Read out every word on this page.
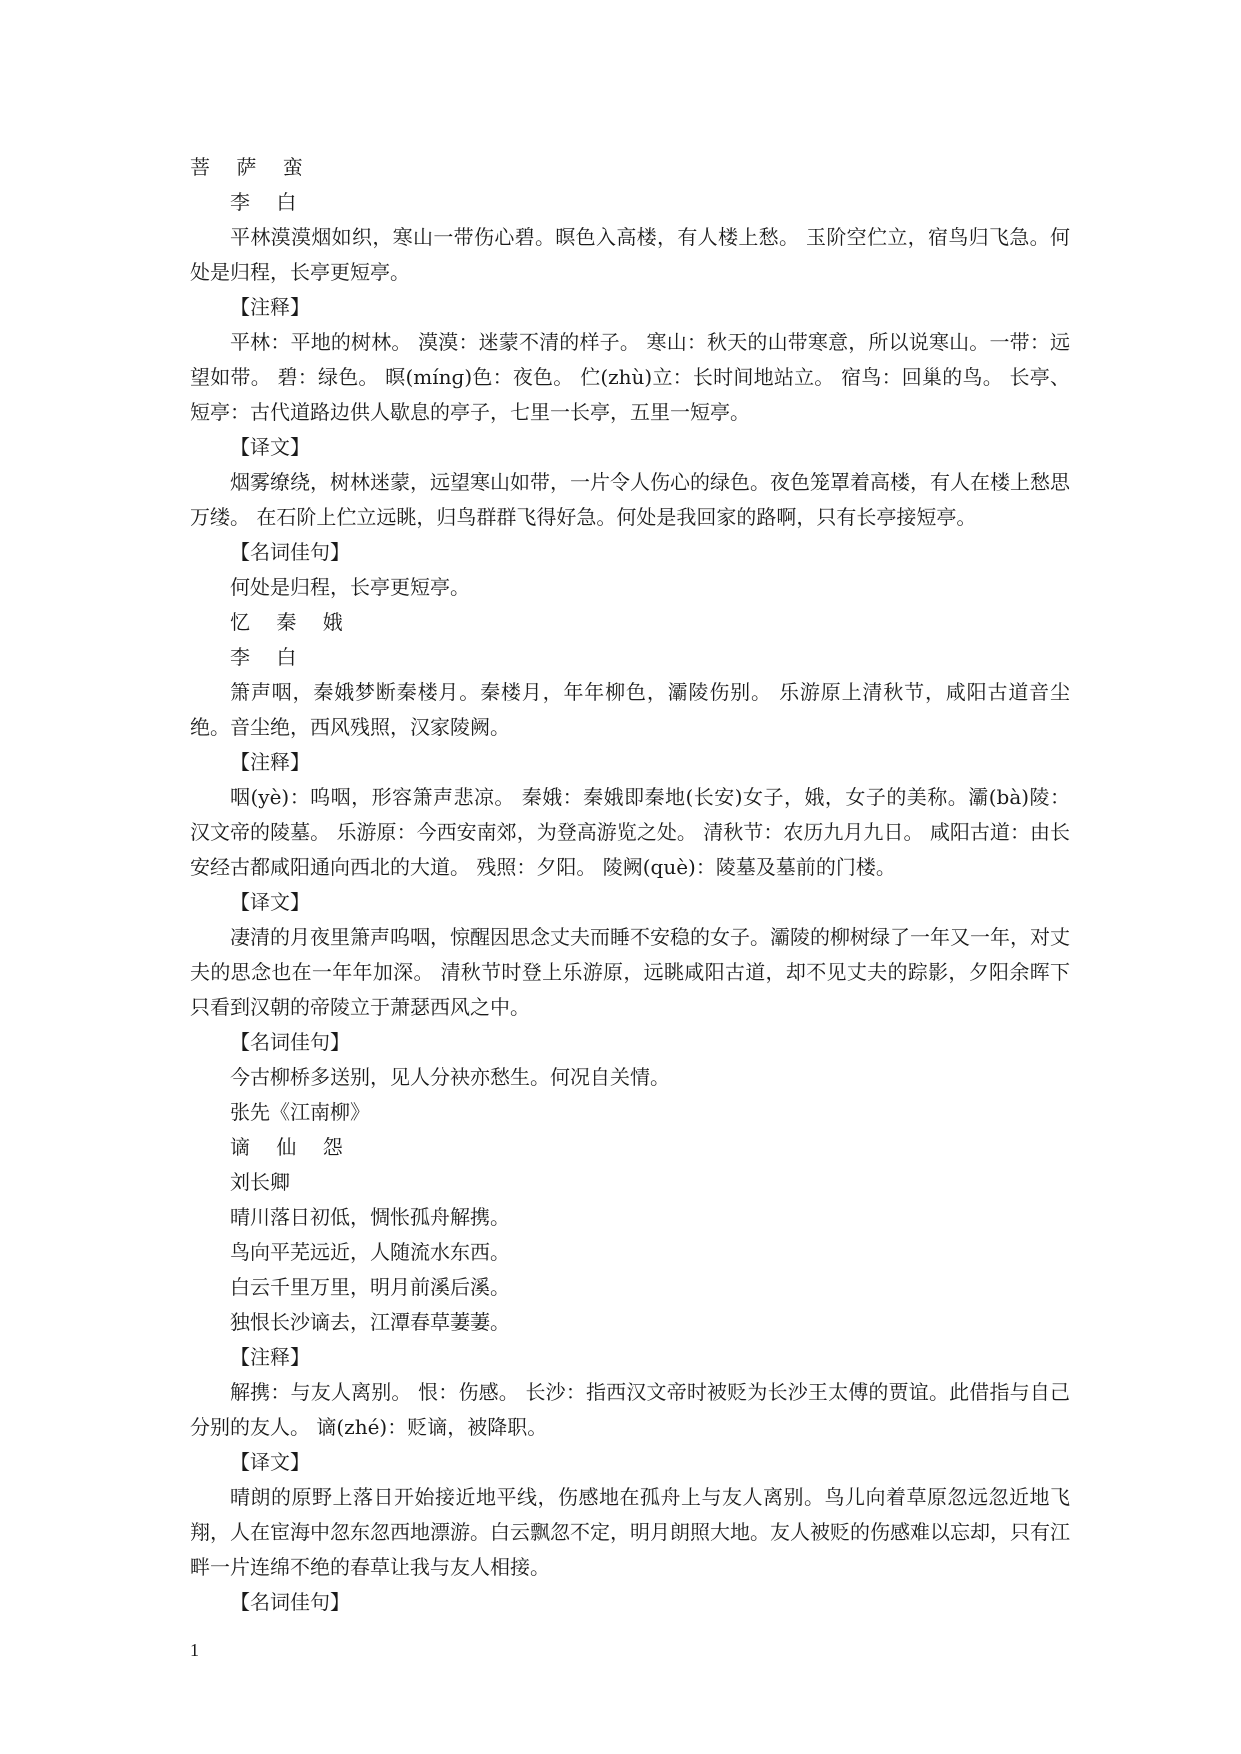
菩 萨 蛮

李 白

平林漠漠烟如织，寒山一带伤心碧。暝色入高楼，有人楼上愁。 玉阶空伫立，宿鸟归飞急。何处是归程，长亭更短亭。

【注释】

平林：平地的树林。 漠漠：迷蒙不清的样子。 寒山：秋天的山带寒意，所以说寒山。一带：远望如带。 碧：绿色。 暝(mínɡ)色：夜色。 伫(zhù)立：长时间地站立。 宿鸟：回巢的鸟。 长亭、短亭：古代道路边供人歇息的亭子，七里一长亭，五里一短亭。

【译文】

烟雾缭绕，树林迷蒙，远望寒山如带，一片令人伤心的绿色。夜色笼罩着高楼，有人在楼上愁思万缕。 在石阶上伫立远眺，归鸟群群飞得好急。何处是我回家的路啊，只有长亭接短亭。

【名词佳句】

何处是归程，长亭更短亭。

忆 秦 娥

李 白

箫声咽，秦娥梦断秦楼月。秦楼月，年年柳色，灞陵伤别。 乐游原上清秋节，咸阳古道音尘绝。音尘绝，西风残照，汉家陵阙。

【注释】

咽(yè)：呜咽，形容箫声悲凉。 秦娥：秦娥即秦地(长安)女子，娥，女子的美称。灞(bà)陵：汉文帝的陵墓。 乐游原：今西安南郊，为登高游览之处。 清秋节：农历九月九日。 咸阳古道：由长安经古都咸阳通向西北的大道。 残照：夕阳。 陵阙(què)：陵墓及墓前的门楼。

【译文】

凄清的月夜里箫声呜咽，惊醒因思念丈夫而睡不安稳的女子。灞陵的柳树绿了一年又一年，对丈夫的思念也在一年年加深。 清秋节时登上乐游原，远眺咸阳古道，却不见丈夫的踪影，夕阳余晖下只看到汉朝的帝陵立于萧瑟西风之中。

【名词佳句】

今古柳桥多送别，见人分袂亦愁生。何况自关情。

张先《江南柳》

谪 仙 怨

刘长卿

晴川落日初低，惆怅孤舟解携。

鸟向平芜远近，人随流水东西。

白云千里万里，明月前溪后溪。

独恨长沙谪去，江潭春草萋萋。

【注释】

解携：与友人离别。 恨：伤感。 长沙：指西汉文帝时被贬为长沙王太傅的贾谊。此借指与自己分别的友人。 谪(zhé)：贬谪，被降职。

【译文】

晴朗的原野上落日开始接近地平线，伤感地在孤舟上与友人离别。鸟儿向着草原忽远忽近地飞翔，人在宦海中忽东忽西地漂游。白云飘忽不定，明月朗照大地。友人被贬的伤感难以忘却，只有江畔一片连绵不绝的春草让我与友人相接。

【名词佳句】

1
